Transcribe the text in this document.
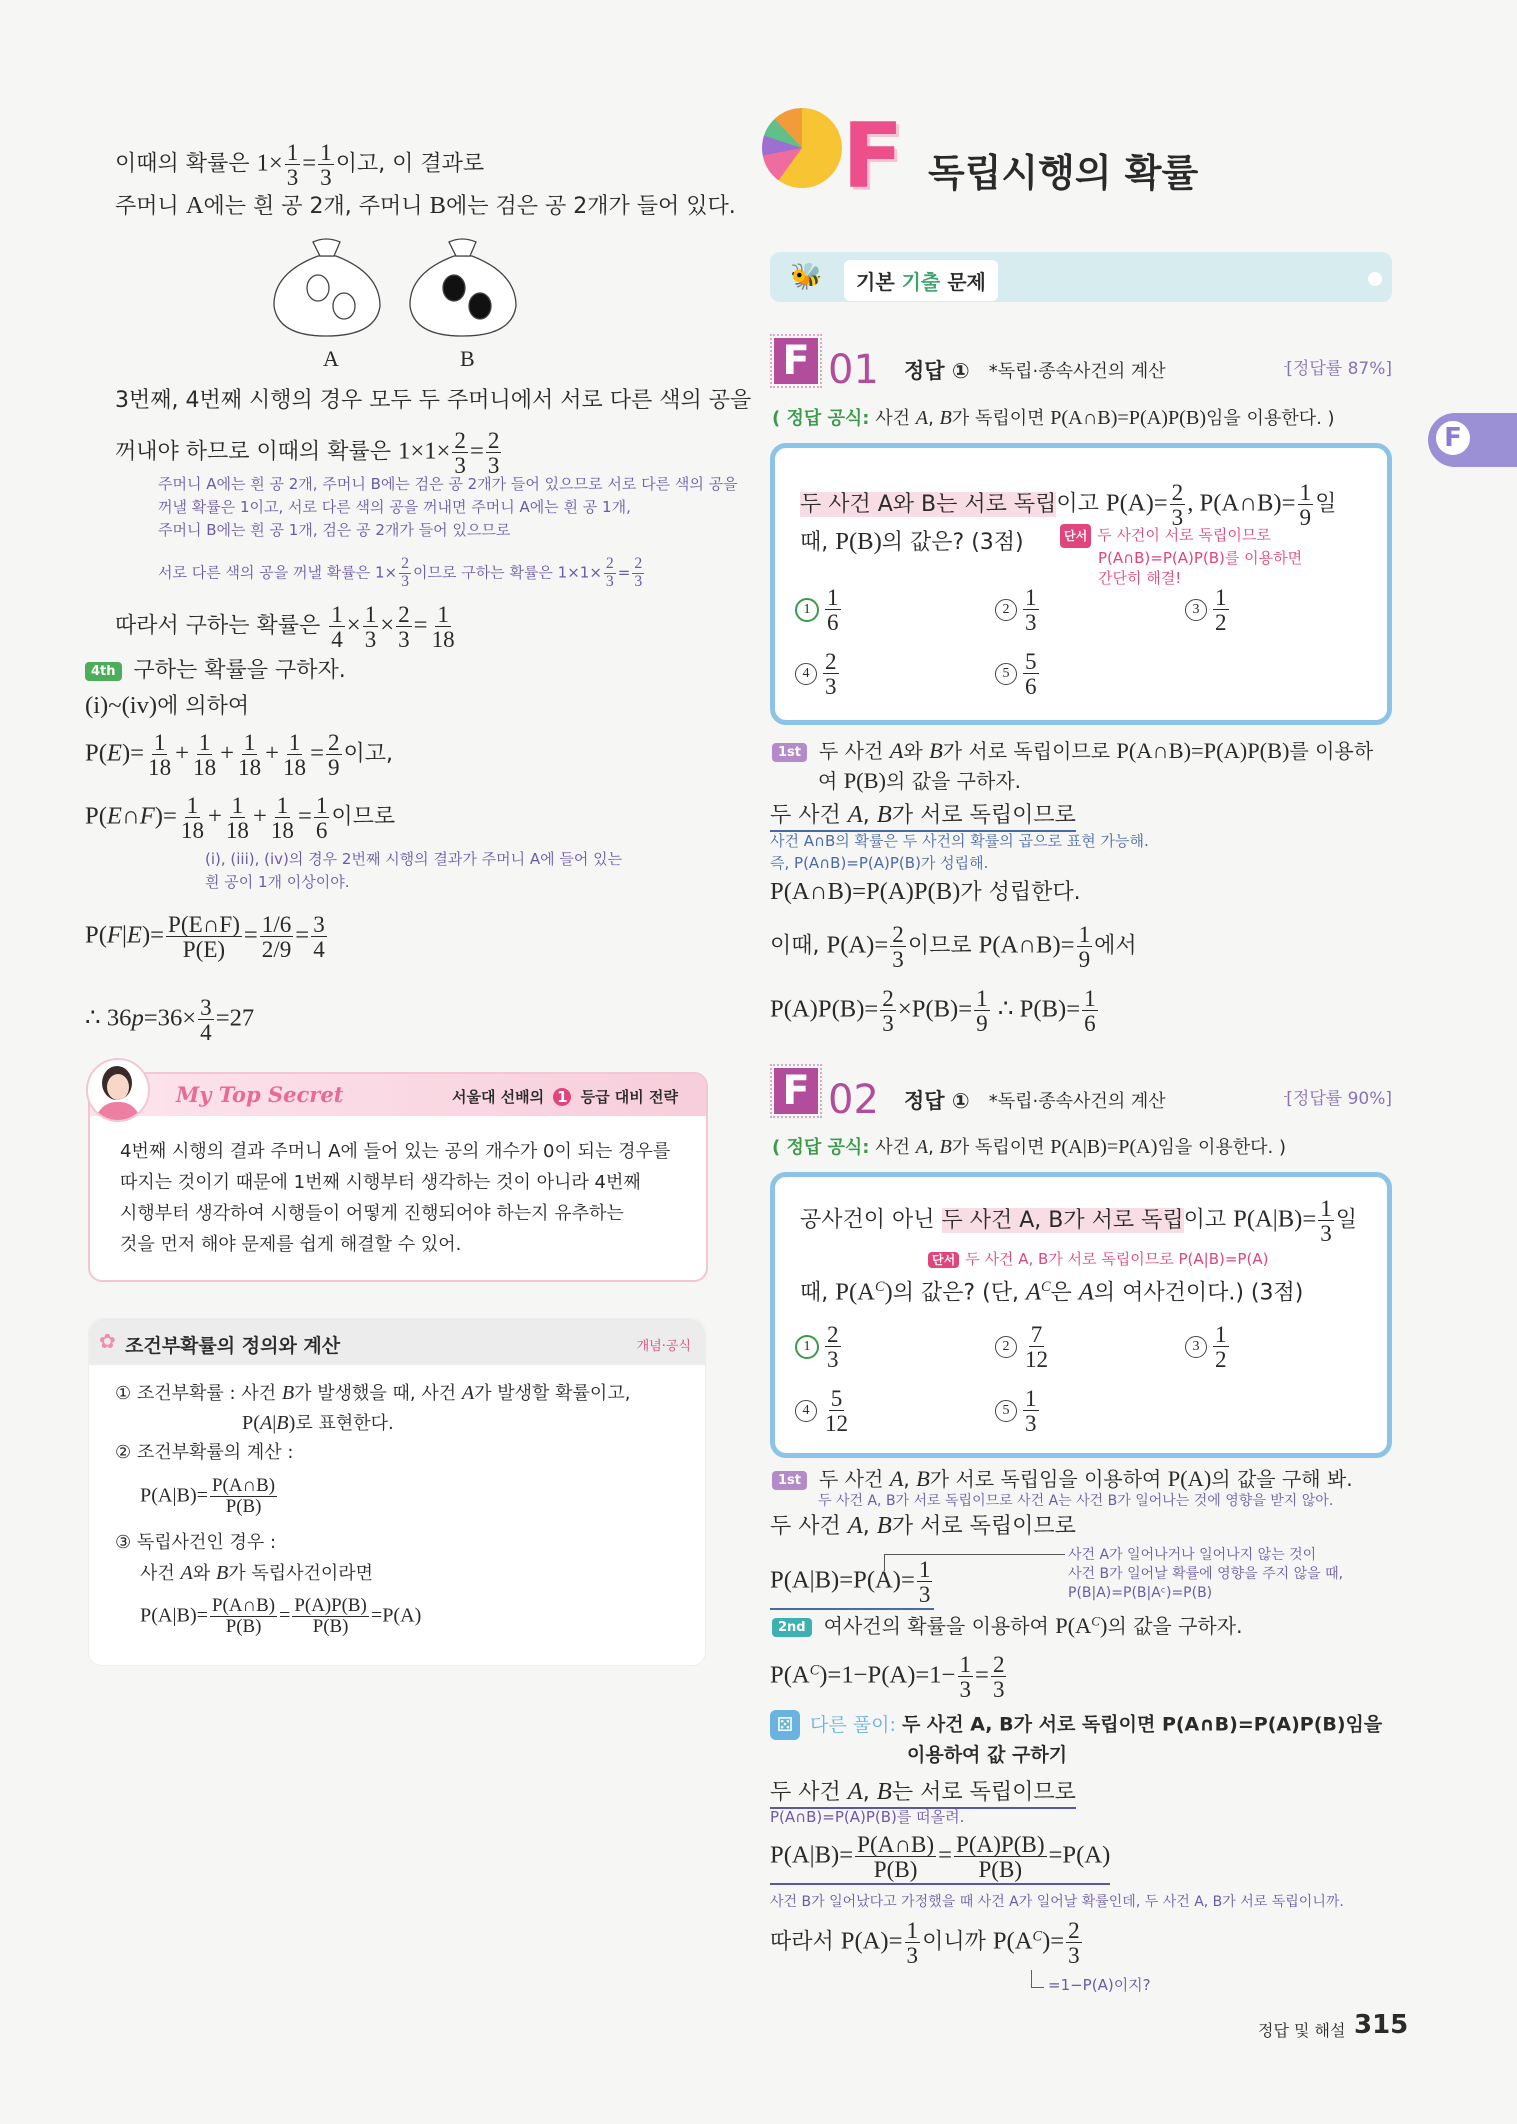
이때의 확률은 $1\times \frac{1}{3} = \frac{1}{3}$ 이고, 이 결과로
주머니 A에는 흰 공 2개, 주머니 B에는 검은 공 2개가 들어 있다.
A	B
3번째, 4번째 시행의 경우 모두 두 주머니에서 서로 다른 색의 공을
꺼내야 하므로 이때의 확률은 $1\times 1\times \frac{2}{3} = \frac{2}{3}$
주머니 A에는 흰 공 2개, 주머니 B에는 검은 공 2개가 들어 있으므로 서로 다른 색의 공을
꺼낼 확률은 1이고, 서로 다른 색의 공을 꺼내면 주머니 A에는 흰 공 1개,
주머니 B에는 흰 공 1개, 검은 공 2개가 들어 있으므로
서로 다른 색의 공을 꺼낼 확률은 $1\times \frac{2}{3}$ 이므로 구하는 확률은 $1\times 1\times \frac{2}{3} = \frac{2}{3}$
따라서 구하는 확률은 $\frac{1}{4} \times \frac{1}{3} \times \frac{2}{3} = \frac{1}{18}$
4th 구하는 확률을 구하자.
(i)~(iv)에 의하여
$P(E)= \frac{1}{18} + \frac{1}{18} + \frac{1}{18} + \frac{1}{18} = \frac{2}{9}$ 이고,
P(E∩F)= $\frac{1}{18} + \frac{1}{18} + \frac{1}{18} = \frac{1}{6}$ 이므로
(i), (iii), (iv)의 경우 2번째 시행의 결과가 주머니 A에 들어 있는
흰 공이 1개 이상이야.
$P(F|E)= \frac{P(E\cap F)}{P(E)} = \frac{1/6}{2/9} = \frac{3}{4}$
∴ $36p=36\times \frac{3}{4} =27$
My Top Secret	서울대 선배의 1 등급 대비 전략
4번째 시행의 결과 주머니 A에 들어 있는 공의 개수가 0이 되는 경우를
따지는 것이기 때문에 1번째 시행부터 생각하는 것이 아니라 4번째
시행부터 생각하여 시행들이 어떻게 진행되어야 하는지 유추하는
것을 먼저 해야 문제를 쉽게 해결할 수 있어.
✿ 조건부확률의 정의와 계산	개념·공식
① 조건부확률 : 사건 B가 발생했을 때, 사건 A가 발생할 확률이고,
P(A|B)로 표현한다.
② 조건부확률의 계산 :
$P(A|B)= \frac{P(A\cap B)}{P(B)}$
③ 독립사건인 경우 :
사건 A와 B가 독립사건이라면
$P(A|B)= \frac{P(A\cap B)}{P(B)} = \frac{P(A)P(B)}{P(B)} =P(A)$
F 독립시행의 확률
🐝	기본 기출 문제
F 01 정답 ① *독립·종속사건의 계산	[정답률 87%]
( 정답 공식: 사건 A, B가 독립이면 P(A∩B)=P(A)P(B)임을 이용한다. )
두 사건 A와 B는 서로 독립이고 $P(A)= \frac{2}{3}$ , P(A∩B)= $\frac{1}{9}$ 일
때, P(B)의 값은? (3점)	단서 두 사건이 서로 독립이므로
P(A∩B)=P(A)P(B)를 이용하면
간단히 해결!
$1 \frac{1}{6}$	$2 \frac{1}{3}$	$3 \frac{1}{2}$
$4 \frac{2}{3}$	$5 \frac{5}{6}$
1st 두 사건 A와 B가 서로 독립이므로 P(A∩B)=P(A)P(B)를 이용하
여 P(B)의 값을 구하자.
두 사건 A, B가 서로 독립이므로
사건 A∩B의 확률은 두 사건의 확률의 곱으로 표현 가능해.
즉, P(A∩B)=P(A)P(B)가 성립해.
P(A∩B)=P(A)P(B)가 성립한다.
이때, $P(A)= \frac{2}{3}$ 이므로 P(A∩B)= $\frac{1}{9}$ 에서
$P(A)P(B)= \frac{2}{3} \times P(B)= \frac{1}{9}$ ∴ $P(B)= \frac{1}{6}$
F 02 정답 ① *독립·종속사건의 계산	[정답률 90%]
( 정답 공식: 사건 A, B가 독립이면 P(A|B)=P(A)임을 이용한다. )
공사건이 아닌 두 사건 A, B가 서로 독립이고 $P(A|B)= \frac{1}{3}$ 일
단서 두 사건 A, B가 서로 독립이므로 P(A|B)=P(A)
때, $P(A^C)$의 값은? (단, $A^C$은 A의 여사건이다.) (3점)
$1 \frac{2}{3}$	$2 \frac{7}{12}$	$3 \frac{1}{2}$
$4 \frac{5}{12}$	$5 \frac{1}{3}$
1st 두 사건 A, B가 서로 독립임을 이용하여 P(A)의 값을 구해 봐.
두 사건 A, B가 서로 독립이므로 사건 A는 사건 B가 일어나는 것에 영향을 받지 않아.
두 사건 A, B가 서로 독립이므로
$P(A|B)=P(A)= \frac{1}{3}$
사건 A가 일어나거나 일어나지 않는 것이
사건 B가 일어날 확률에 영향을 주지 않을 때,
P(B|A)=P(B|Aᶜ)=P(B)
2nd 여사건의 확률을 이용하여 $P(A^C)$의 값을 구하자.
$P(A^C)=1-P(A)=1- \frac{1}{3} = \frac{2}{3}$
⚄ 다른 풀이: 두 사건 A, B가 서로 독립이면 P(A∩B)=P(A)P(B)임을
이용하여 값 구하기
두 사건 A, B는 서로 독립이므로
P(A∩B)=P(A)P(B)를 떠올려.
$P(A|B)= \frac{P(A\cap B)}{P(B)} = \frac{P(A)P(B)}{P(B)} =P(A)$
사건 B가 일어났다고 가정했을 때 사건 A가 일어날 확률인데, 두 사건 A, B가 서로 독립이니까.
따라서 $P(A)= \frac{1}{3}$ 이니까 $P(A^C)= \frac{2}{3}$
=1−P(A)이지?
F
정답 및 해설 315
